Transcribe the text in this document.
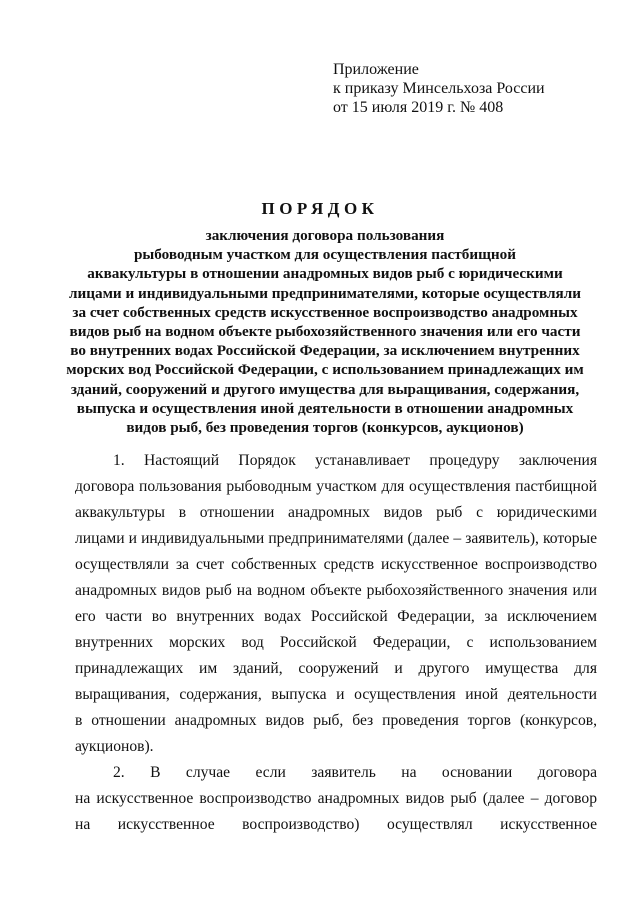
Приложение
к приказу Минсельхоза России
от 15 июля 2019 г. № 408
ПОРЯДОК
заключения договора пользования
рыбоводным участком для осуществления пастбищной
аквакультуры в отношении анадромных видов рыб с юридическими
лицами и индивидуальными предпринимателями, которые осуществляли
за счет собственных средств искусственное воспроизводство анадромных
видов рыб на водном объекте рыбохозяйственного значения или его части
во внутренних водах Российской Федерации, за исключением внутренних
морских вод Российской Федерации, с использованием принадлежащих им
зданий, сооружений и другого имущества для выращивания, содержания,
выпуска и осуществления иной деятельности в отношении анадромных
видов рыб, без проведения торгов (конкурсов, аукционов)
1. Настоящий Порядок устанавливает процедуру заключения
договора пользования рыбоводным участком для осуществления пастбищной
аквакультуры в отношении анадромных видов рыб с юридическими
лицами и индивидуальными предпринимателями (далее – заявитель), которые
осуществляли за счет собственных средств искусственное воспроизводство
анадромных видов рыб на водном объекте рыбохозяйственного значения или
его части во внутренних водах Российской Федерации, за исключением
внутренних морских вод Российской Федерации, с использованием
принадлежащих им зданий, сооружений и другого имущества для
выращивания, содержания, выпуска и осуществления иной деятельности
в отношении анадромных видов рыб, без проведения торгов (конкурсов,
аукционов).
2. В случае если заявитель на основании договора
на искусственное воспроизводство анадромных видов рыб (далее – договор
на искусственное воспроизводство) осуществлял искусственное
